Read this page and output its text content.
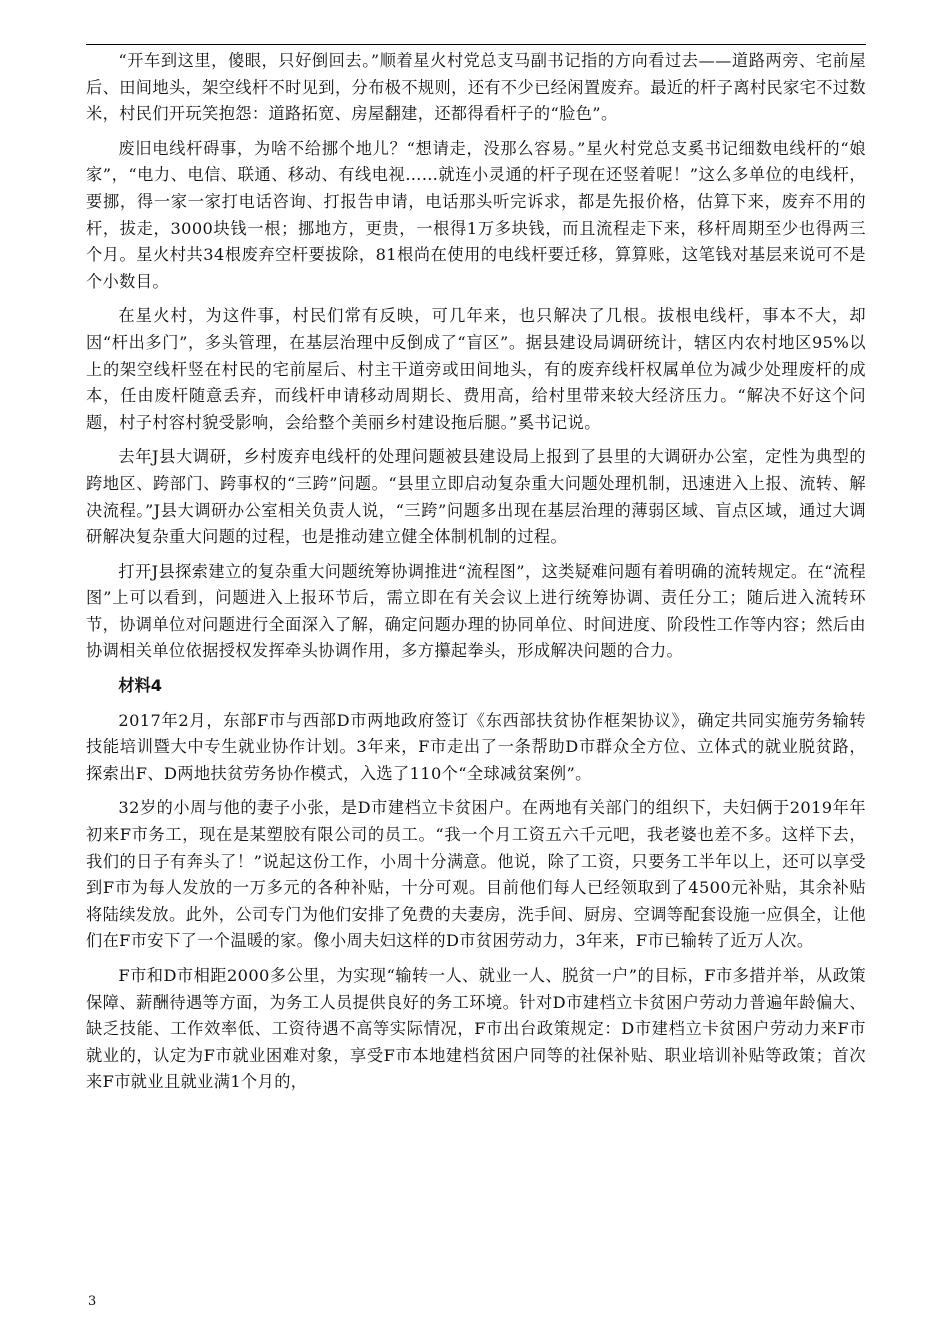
“开车到这里，傻眼，只好倒回去。”顺着星火村党总支马副书记指的方向看过去——道路两旁、宅前屋后、田间地头，架空线杆不时见到，分布极不规则，还有不少已经闲置废弃。最近的杆子离村民家宅不过数米，村民们开玩笑抱怨：道路拓宽、房屋翻建，还都得看杆子的“脸色”。

废旧电线杆碍事，为啥不给挪个地儿？“想请走，没那么容易。”星火村党总支奚书记细数电线杆的“娘家”，“电力、电信、联通、移动、有线电视……就连小灵通的杆子现在还竖着呢！”这么多单位的电线杆，要挪，得一家一家打电话咨询、打报告申请，电话那头听完诉求，都是先报价格，估算下来，废弃不用的杆，拔走，3000块钱一根；挪地方，更贵，一根得1万多块钱，而且流程走下来，移杆周期至少也得两三个月。星火村共34根废弃空杆要拔除，81根尚在使用的电线杆要迁移，算算账，这笔钱对基层来说可不是个小数目。

在星火村，为这件事，村民们常有反映，可几年来，也只解决了几根。拔根电线杆，事本不大，却因“杆出多门”，多头管理，在基层治理中反倒成了“盲区”。据县建设局调研统计，辖区内农村地区95%以上的架空线杆竖在村民的宅前屋后、村主干道旁或田间地头，有的废弃线杆权属单位为减少处理废杆的成本，任由废杆随意丢弃，而线杆申请移动周期长、费用高，给村里带来较大经济压力。“解决不好这个问题，村子村容村貌受影响，会给整个美丽乡村建设拖后腿。”奚书记说。

去年J县大调研，乡村废弃电线杆的处理问题被县建设局上报到了县里的大调研办公室，定性为典型的跨地区、跨部门、跨事权的“三跨”问题。“县里立即启动复杂重大问题处理机制，迅速进入上报、流转、解决流程。”J县大调研办公室相关负责人说，“三跨”问题多出现在基层治理的薄弱区域、盲点区域，通过大调研解决复杂重大问题的过程，也是推动建立健全体制机制的过程。

打开J县探索建立的复杂重大问题统筹协调推进“流程图”，这类疑难问题有着明确的流转规定。在“流程图”上可以看到，问题进入上报环节后，需立即在有关会议上进行统筹协调、责任分工；随后进入流转环节，协调单位对问题进行全面深入了解，确定问题办理的协同单位、时间进度、阶段性工作等内容；然后由协调相关单位依据授权发挥牵头协调作用，多方攥起拳头，形成解决问题的合力。

材料4

2017年2月，东部F市与西部D市两地政府签订《东西部扶贫协作框架协议》，确定共同实施劳务输转技能培训暨大中专生就业协作计划。3年来，F市走出了一条帮助D市群众全方位、立体式的就业脱贫路，探索出F、D两地扶贫劳务协作模式，入选了110个“全球减贫案例”。

32岁的小周与他的妻子小张，是D市建档立卡贫困户。在两地有关部门的组织下，夫妇俩于2019年年初来F市务工，现在是某塑胶有限公司的员工。“我一个月工资五六千元吧，我老婆也差不多。这样下去，我们的日子有奔头了！”说起这份工作，小周十分满意。他说，除了工资，只要务工半年以上，还可以享受到F市为每人发放的一万多元的各种补贴，十分可观。目前他们每人已经领取到了4500元补贴，其余补贴将陆续发放。此外，公司专门为他们安排了免费的夫妻房，洗手间、厨房、空调等配套设施一应俱全，让他们在F市安下了一个温暖的家。像小周夫妇这样的D市贫困劳动力，3年来，F市已输转了近万人次。

F市和D市相距2000多公里，为实现“输转一人、就业一人、脱贫一户”的目标，F市多措并举，从政策保障、薪酬待遇等方面，为务工人员提供良好的务工环境。针对D市建档立卡贫困户劳动力普遍年龄偏大、缺乏技能、工作效率低、工资待遇不高等实际情况，F市出台政策规定：D市建档立卡贫困户劳动力来F市就业的，认定为F市就业困难对象，享受F市本地建档贫困户同等的社保补贴、职业培训补贴等政策；首次来F市就业且就业满1个月的，

3
